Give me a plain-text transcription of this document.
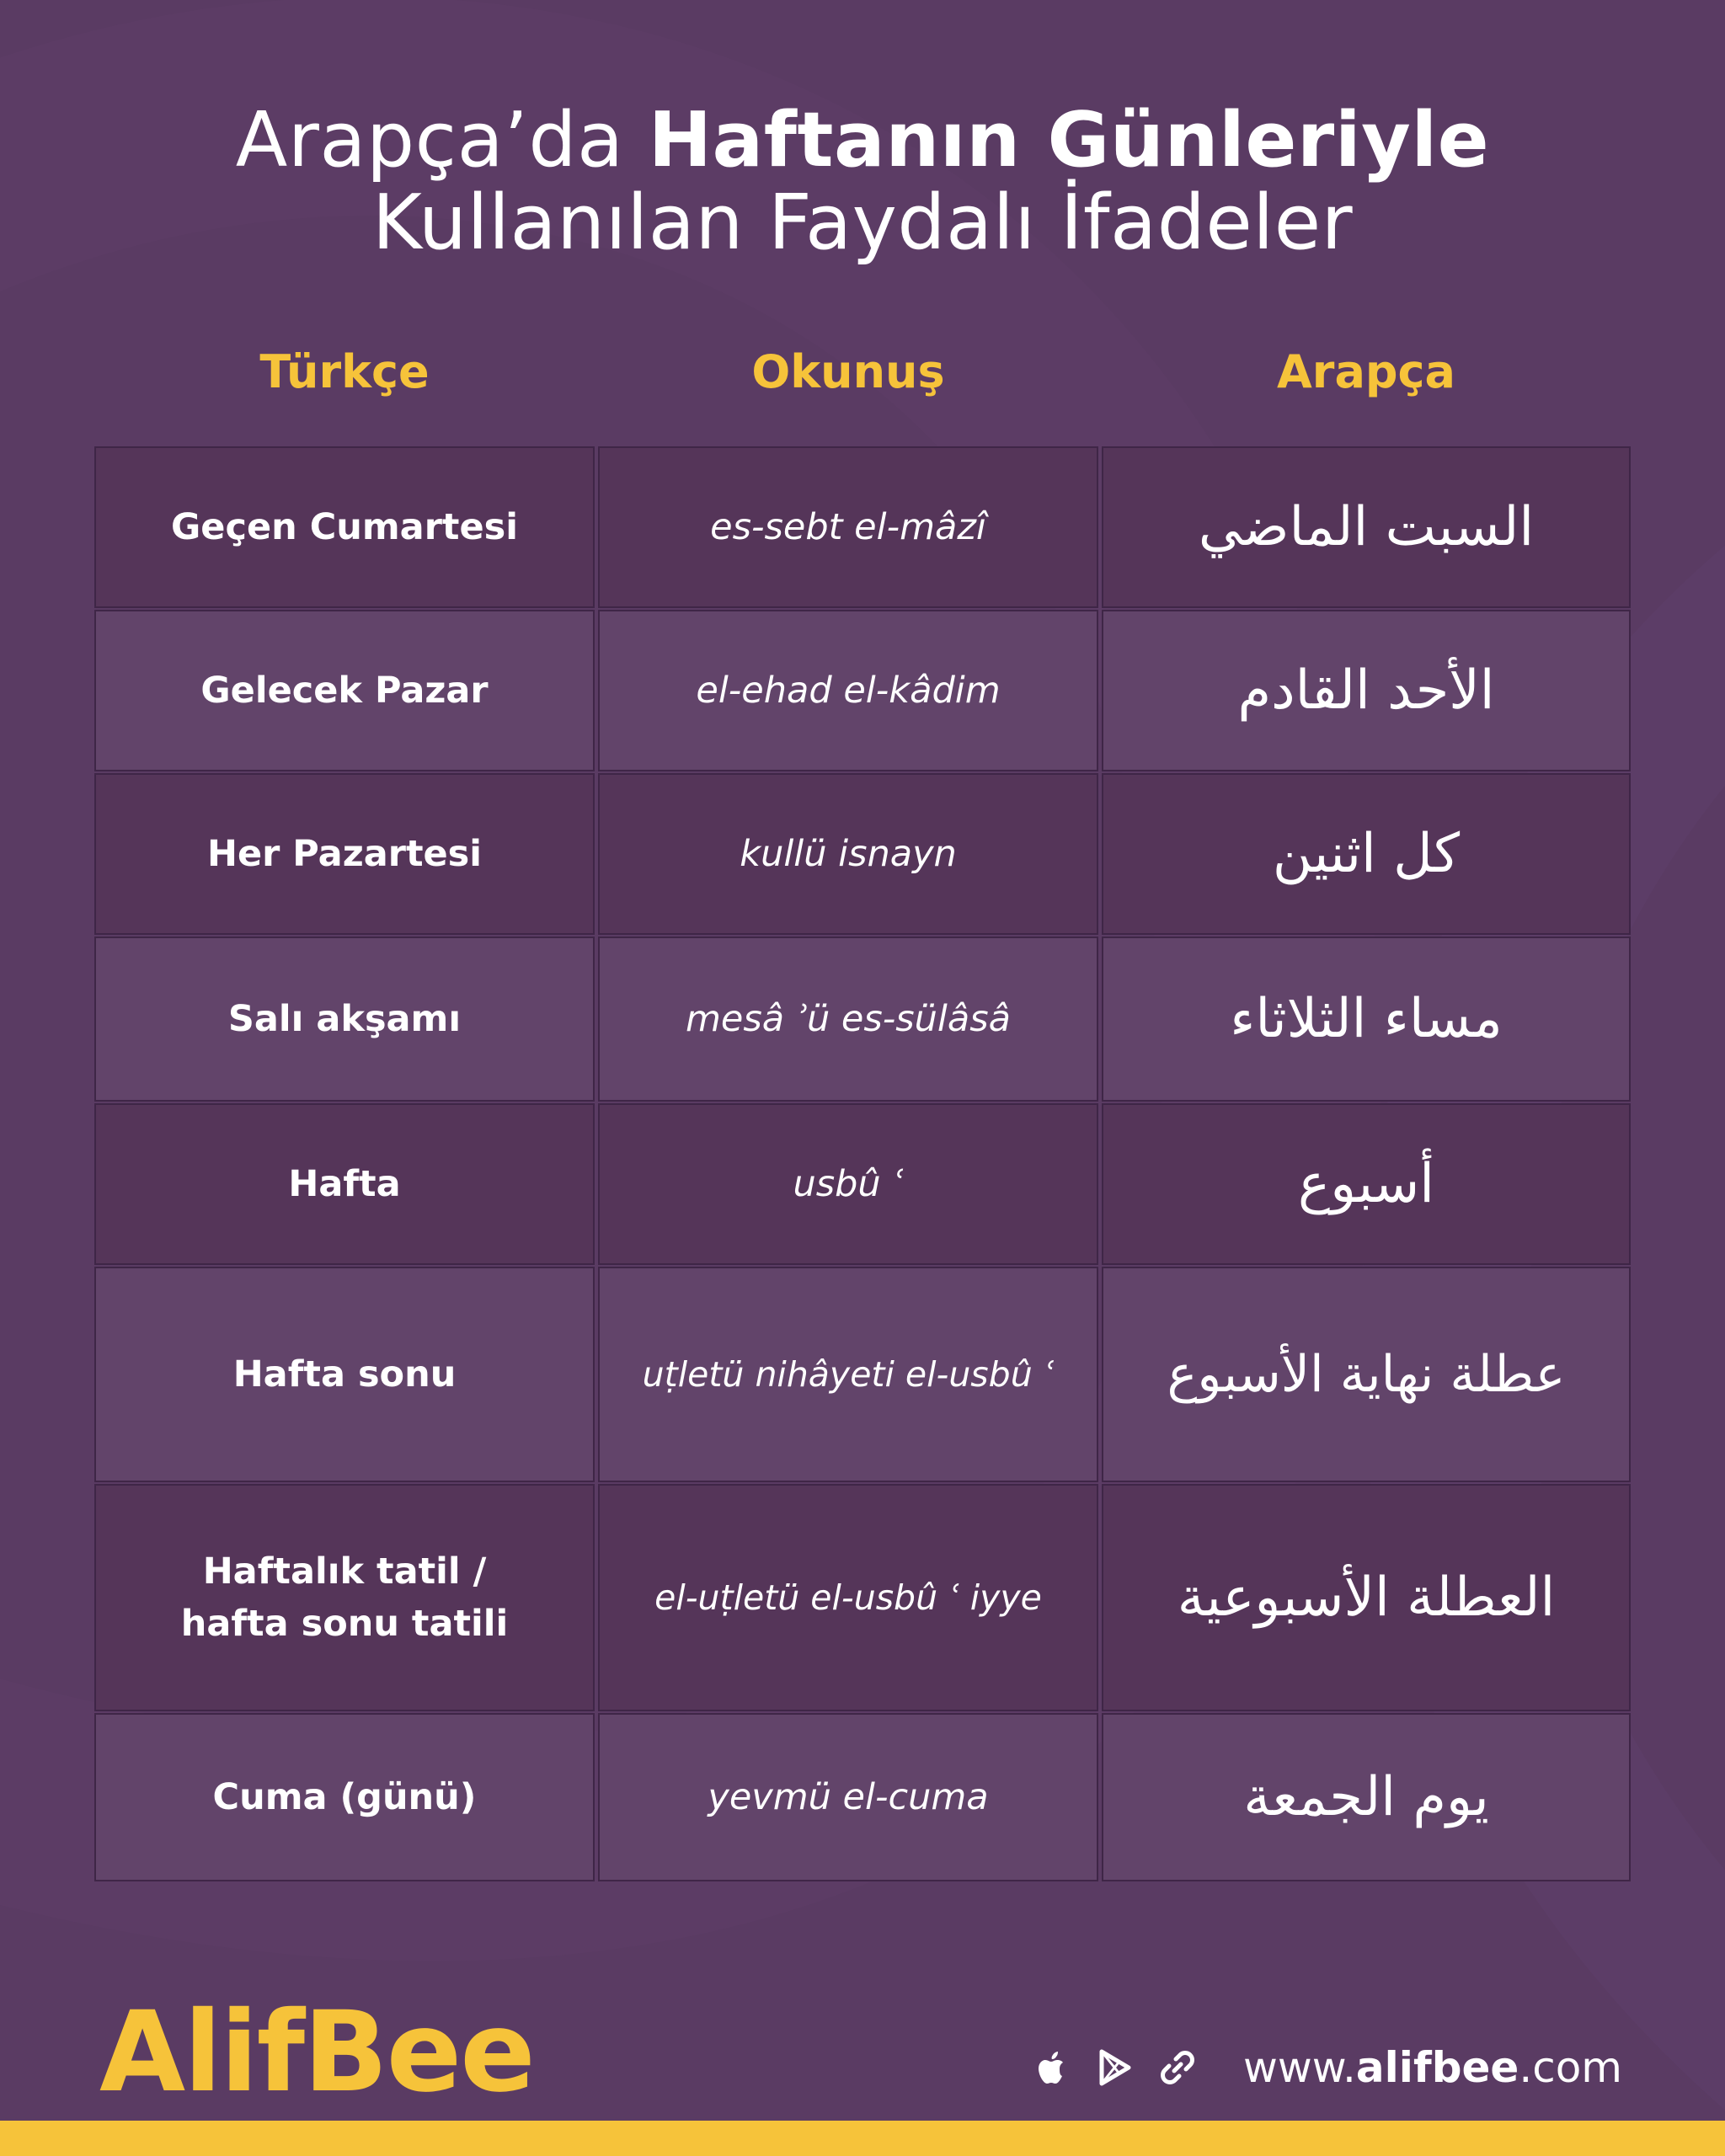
Arapça’da Haftanın Günleriyle
Kullanılan Faydalı İfadeler
Türkçe	Okunuş	Arapça
Geçen Cumartesi	es-sebt el-mâzî	السبت الماضي
Gelecek Pazar	el-ehad el-kâdim	الأحد القادم
Her Pazartesi	kullü isnayn	كل اثنين
Salı akşamı	mesâ ʾü es-sülâsâ	مساء الثلاثاء
Hafta	usbû ʿ	أسبوع
Hafta sonu	uṭletü nihâyeti el-usbû ʿ	عطلة نهاية الأسبوع
Haftalık tatil /
hafta sonu tatili
el-uṭletü el-usbû ʿ iyye	العطلة الأسبوعية
Cuma (günü)	yevmü el-cuma	يوم الجمعة
AlifBee	www.alifbee.com
